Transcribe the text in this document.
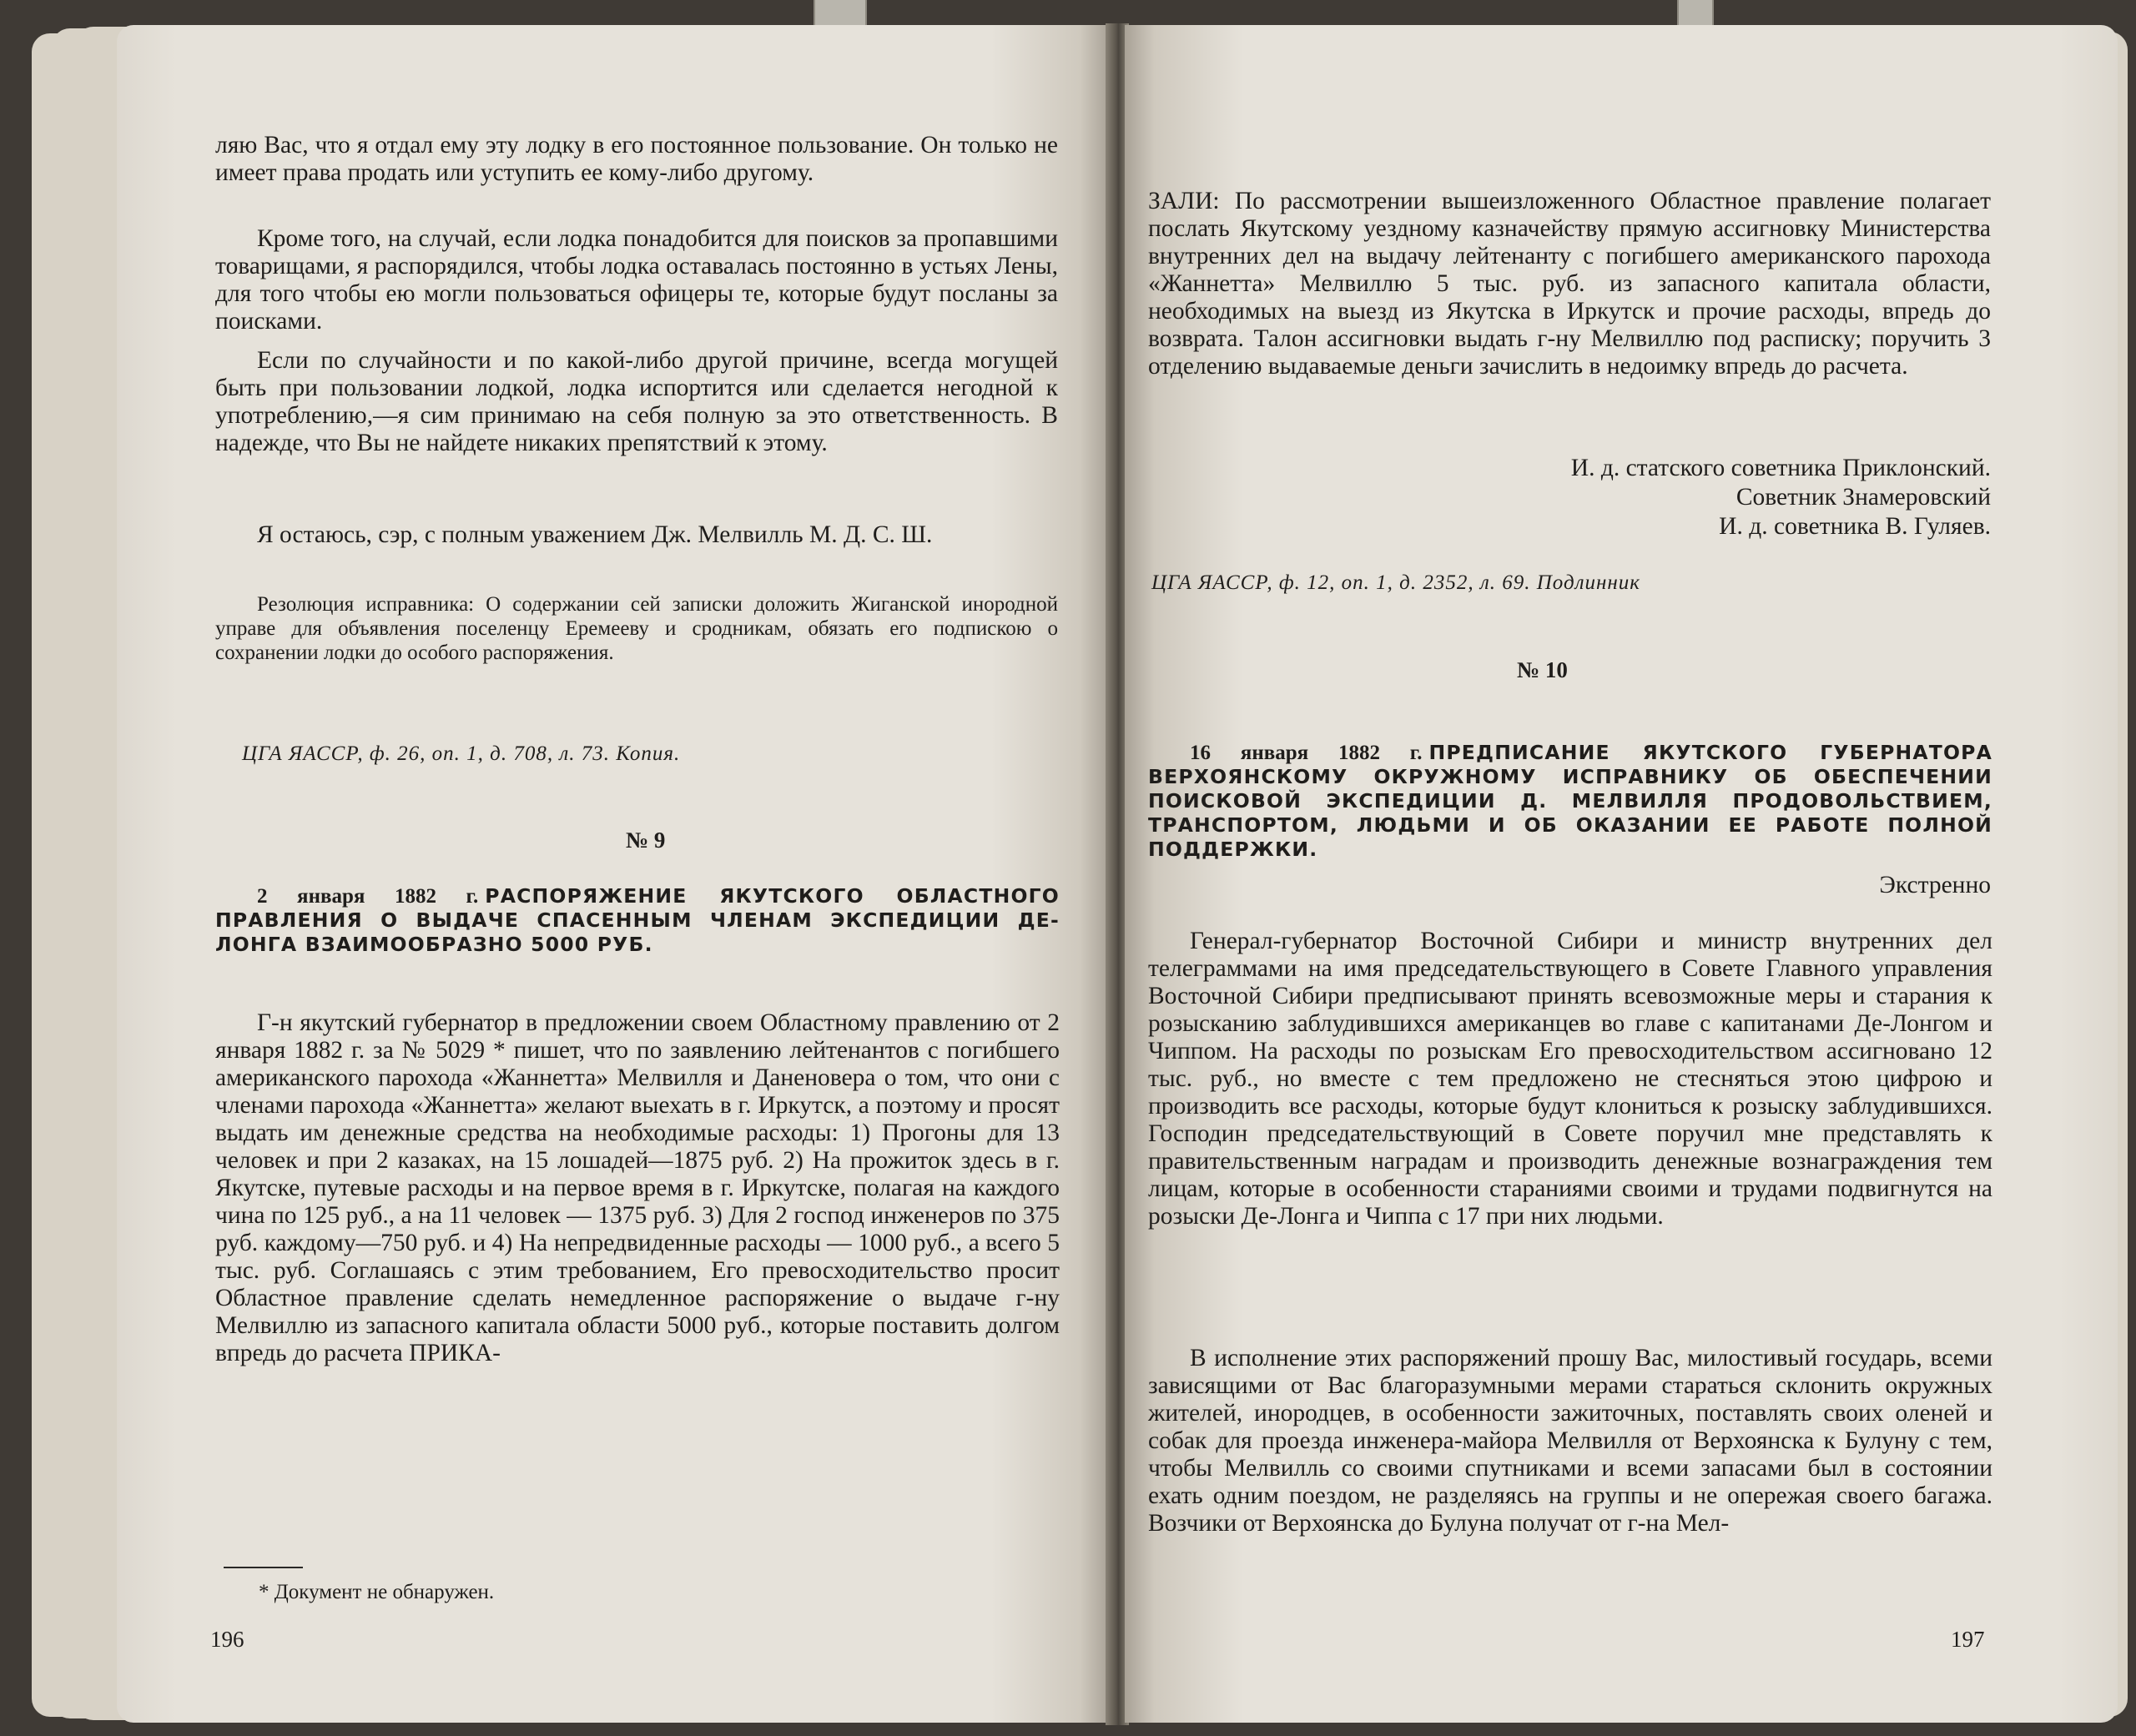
ляю Вас, что я отдал ему эту лодку в его постоянное пользование. Он только не имеет права продать или уступить ее кому-либо другому.

Кроме того, на случай, если лодка понадобится для поисков за пропавшими товарищами, я распорядился, чтобы лодка оставалась постоянно в устьях Лены, для того чтобы ею могли пользоваться офицеры те, которые будут посланы за поисками.

Если по случайности и по какой-либо другой причине, всегда могущей быть при пользовании лодкой, лодка испортится или сделается негодной к употреблению,—я сим принимаю на себя полную за это ответственность. В надежде, что Вы не найдете никаких препятствий к этому.

Я остаюсь, сэр, с полным уважением Дж. Мелвилль М. Д. С. Ш.

Резолюция исправника: О содержании сей записки доложить Жиганской инородной управе для объявления поселенцу Еремееву и сродникам, обязать его подпискою о сохранении лодки до особого распоряжения.

ЦГА ЯАССР, ф. 26, оп. 1, д. 708, л. 73. Копия.
№ 9

2 января 1882 г. РАСПОРЯЖЕНИЕ ЯКУТСКОГО ОБЛАСТНОГО ПРАВЛЕНИЯ О ВЫДАЧЕ СПАСЕННЫМ ЧЛЕНАМ ЭКСПЕДИЦИИ ДЕ-ЛОНГА ВЗАИМООБРАЗНО 5000 РУБ.

Г-н якутский губернатор в предложении своем Областному правлению от 2 января 1882 г. за № 5029 * пишет, что по заявлению лейтенантов с погибшего американского парохода «Жаннетта» Мелвилля и Даненовера о том, что они с членами парохода «Жаннетта» желают выехать в г. Иркутск, а поэтому и просят выдать им денежные средства на необходимые расходы: 1) Прогоны для 13 человек и при 2 казаках, на 15 лошадей—1875 руб. 2) На прожиток здесь в г. Якутске, путевые расходы и на первое время в г. Иркутске, полагая на каждого чина по 125 руб., а на 11 человек — 1375 руб. 3) Для 2 господ инженеров по 375 руб. каждому—750 руб. и 4) На непредвиденные расходы — 1000 руб., а всего 5 тыс. руб. Соглашаясь с этим требованием, Его превосходительство просит Областное правление сделать немедленное распоряжение о выдаче г-ну Мелвиллю из запасного капитала области 5000 руб., которые поставить долгом впредь до расчета ПРИКА-

* Документ не обнаружен.
196

ЗАЛИ: По рассмотрении вышеизложенного Областное правление полагает послать Якутскому уездному казначейству прямую ассигновку Министерства внутренних дел на выдачу лейтенанту с погибшего американского парохода «Жаннетта» Мелвиллю 5 тыс. руб. из запасного капитала области, необходимых на выезд из Якутска в Иркутск и прочие расходы, впредь до возврата. Талон ассигновки выдать г-ну Мелвиллю под расписку; поручить 3 отделению выдаваемые деньги зачислить в недоимку впредь до расчета.

И. д. статского советника Приклонский.
Советник Знамеровский
И. д. советника В. Гуляев.
ЦГА ЯАССР, ф. 12, оп. 1, д. 2352, л. 69. Подлинник
№ 10

16 января 1882 г. ПРЕДПИСАНИЕ ЯКУТСКОГО ГУБЕРНАТОРА ВЕРХОЯНСКОМУ ОКРУЖНОМУ ИСПРАВНИКУ ОБ ОБЕСПЕЧЕНИИ ПОИСКОВОЙ ЭКСПЕДИЦИИ Д. МЕЛВИЛЛЯ ПРОДОВОЛЬСТВИЕМ, ТРАНСПОРТОМ, ЛЮДЬМИ И ОБ ОКАЗАНИИ ЕЕ РАБОТЕ ПОЛНОЙ ПОДДЕРЖКИ.

Экстренно

Генерал-губернатор Восточной Сибири и министр внутренних дел телеграммами на имя председательствующего в Совете Главного управления Восточной Сибири предписывают принять всевозможные меры и старания к розысканию заблудившихся американцев во главе с капитанами Де-Лонгом и Чиппом. На расходы по розыскам Его превосходительством ассигновано 12 тыс. руб., но вместе с тем предложено не стесняться этою цифрою и производить все расходы, которые будут клониться к розыску заблудившихся. Господин председательствующий в Совете поручил мне представлять к правительственным наградам и производить денежные вознаграждения тем лицам, которые в особенности стараниями своими и трудами подвигнутся на розыски Де-Лонга и Чиппа с 17 при них людьми.

В исполнение этих распоряжений прошу Вас, милостивый государь, всеми зависящими от Вас благоразумными мерами стараться склонить окружных жителей, инородцев, в особенности зажиточных, поставлять своих оленей и собак для проезда инженера-майора Мелвилля от Верхоянска к Булуну с тем, чтобы Мелвилль со своими спутниками и всеми запасами был в состоянии ехать одним поездом, не разделяясь на группы и не опережая своего багажа. Возчики от Верхоянска до Булуна получат от г-на Мел-

197
